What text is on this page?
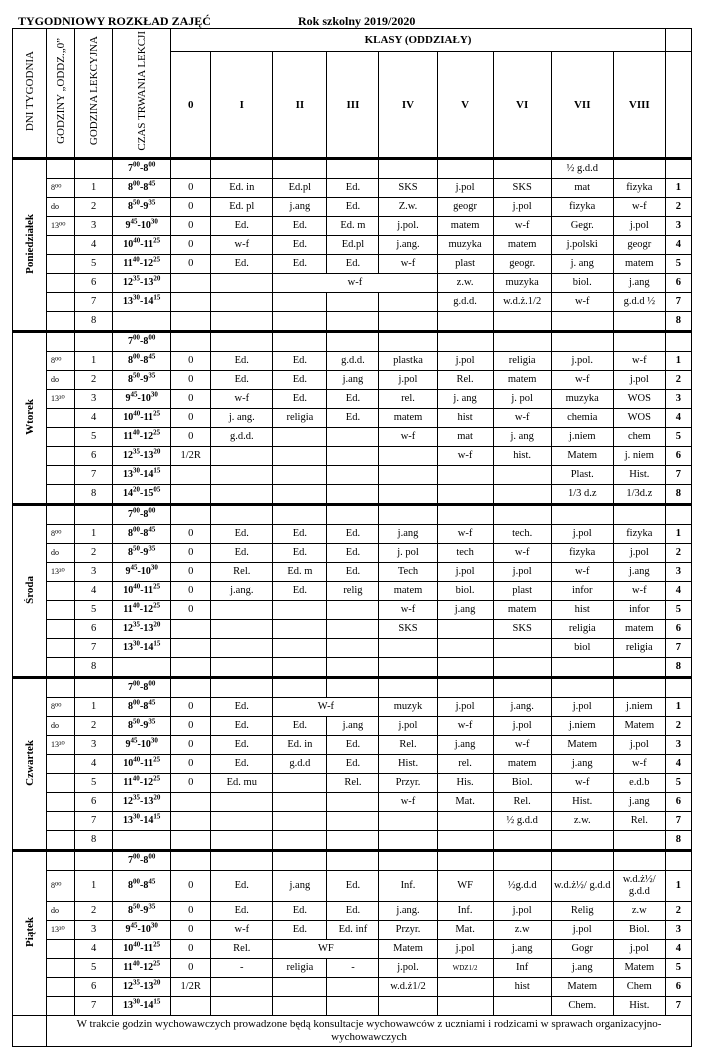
TYGODNIOWY ROZKŁAD ZAJĘĆ	Rok szkolny 2019/2020
DNI TYGODNIA	GODZINY „ODDZ.„0”	GODZINA LEKCYJNA	CZAS TRWANIA LEKCJI	KLASY (ODDZIAŁY)									
				0	I	II	III	IV	V	VI	VII	VIII	
Poniedziałek			$7^{00}-8^{00}$								½ g.d.d		
	8⁰⁰	1	$8^{00}-8^{45}$	0	Ed. in	Ed.pl	Ed.	SKS	j.pol	SKS	mat	fizyka	1
	do	2	$8^{50}-9^{35}$	0	Ed. pl	j.ang	Ed.	Z.w.	geogr	j.pol	fizyka	w-f	2
	13⁰⁰	3	$9^{45}-10^{30}$	0	Ed.	Ed.	Ed. m	j.pol.	matem	w-f	Gegr.	j.pol	3
		4	$10^{40}-11^{25}$	0	w-f	Ed.	Ed.pl	j.ang.	muzyka	matem	j.polski	geogr	4
		5	$11^{40}-12^{25}$	0	Ed.	Ed.	Ed.	w-f	plast	geogr.	j. ang	matem	5
		6	$12^{35}-13^{20}$			w-f			z.w.	muzyka	biol.	j.ang	6
		7	$13^{30}-14^{15}$						g.d.d.	w.d.ż.1/2	w-f	g.d.d ½	7
		8											8
Wtorek			$7^{00}-8^{00}$										
	8⁰⁰	1	$8^{00}-8^{45}$	0	Ed.	Ed.	g.d.d.	plastka	j.pol	religia	j.pol.	w-f	1
	do	2	$8^{50}-9^{35}$	0	Ed.	Ed.	j.ang	j.pol	Rel.	matem	w-f	j.pol	2
	13³⁰	3	$9^{45}-10^{30}$	0	w-f	Ed.	Ed.	rel.	j. ang	j. pol	muzyka	WOS	3
		4	$10^{40}-11^{25}$	0	j. ang.	religia	Ed.	matem	hist	w-f	chemia	WOS	4
		5	$11^{40}-12^{25}$	0	g.d.d.			w-f	mat	j. ang	j.niem	chem	5
		6	$12^{35}-13^{20}$	1/2R					w-f	hist.	Matem	j. niem	6
		7	$13^{30}-14^{15}$								Plast.	Hist.	7
		8	$14^{20}-15^{05}$								1/3 d.z	1/3d.z	8
Środa			$7^{00}-8^{00}$										
	8⁰⁰	1	$8^{00}-8^{45}$	0	Ed.	Ed.	Ed.	j.ang	w-f	tech.	j.pol	fizyka	1
	do	2	$8^{50}-9^{35}$	0	Ed.	Ed.	Ed.	j. pol	tech	w-f	fizyka	j.pol	2
	13³⁰	3	$9^{45}-10^{30}$	0	Rel.	Ed. m	Ed.	Tech	j.pol	j.pol	w-f	j.ang	3
		4	$10^{40}-11^{25}$	0	j.ang.	Ed.	relig	matem	biol.	plast	infor	w-f	4
		5	$11^{40}-12^{25}$	0				w-f	j.ang	matem	hist	infor	5
		6	$12^{35}-13^{20}$					SKS		SKS	religia	matem	6
		7	$13^{30}-14^{15}$								biol	religia	7
		8											8
Czwartek			$7^{00}-8^{00}$										
	8⁰⁰	1	$8^{00}-8^{45}$	0	Ed.	W-f		muzyk	j.pol	j.ang.	j.pol	j.niem	1
	do	2	$8^{50}-9^{35}$	0	Ed.	Ed.	j.ang	j.pol	w-f	j.pol	j.niem	Matem	2
	13³⁰	3	$9^{45}-10^{30}$	0	Ed.	Ed. in	Ed.	Rel.	j.ang	w-f	Matem	j.pol	3
		4	$10^{40}-11^{25}$	0	Ed.	g.d.d	Ed.	Hist.	rel.	matem	j.ang	w-f	4
		5	$11^{40}-12^{25}$	0	Ed. mu		Rel.	Przyr.	His.	Biol.	w-f	e.d.b	5
		6	$12^{35}-13^{20}$					w-f	Mat.	Rel.	Hist.	j.ang	6
		7	$13^{30}-14^{15}$							½ g.d.d	z.w.	Rel.	7
		8											8
Piątek			$7^{00}-8^{00}$										
	8⁰⁰	1	$8^{00}-8^{45}$	0	Ed.	j.ang	Ed.	Inf.	WF	½g.d.d	w.d.ż½/ g.d.d	w.d.ż½/ g.d.d	1
	do	2	$8^{50}-9^{35}$	0	Ed.	Ed.	Ed.	j.ang.	Inf.	j.pol	Relig	z.w	2
	13³⁰	3	$9^{45}-10^{30}$	0	w-f	Ed.	Ed. inf	Przyr.	Mat.	z.w	j.pol	Biol.	3
		4	$10^{40}-11^{25}$	0	Rel.	WF		Matem	j.pol	j.ang	Gogr	j.pol	4
		5	$11^{40}-12^{25}$	0	-	religia	-	j.pol.	WDZ1/2	Inf	j.ang	Matem	5
		6	$12^{35}-13^{20}$	1/2R				w.d.ż1/2		hist	Matem	Chem	6
		7	$13^{30}-14^{15}$								Chem.	Hist.	7
	W trakcie godzin wychowawczych prowadzone będą konsultacje wychowawców z uczniami i rodzicami w sprawach organizacyjno-wychowawczych												
